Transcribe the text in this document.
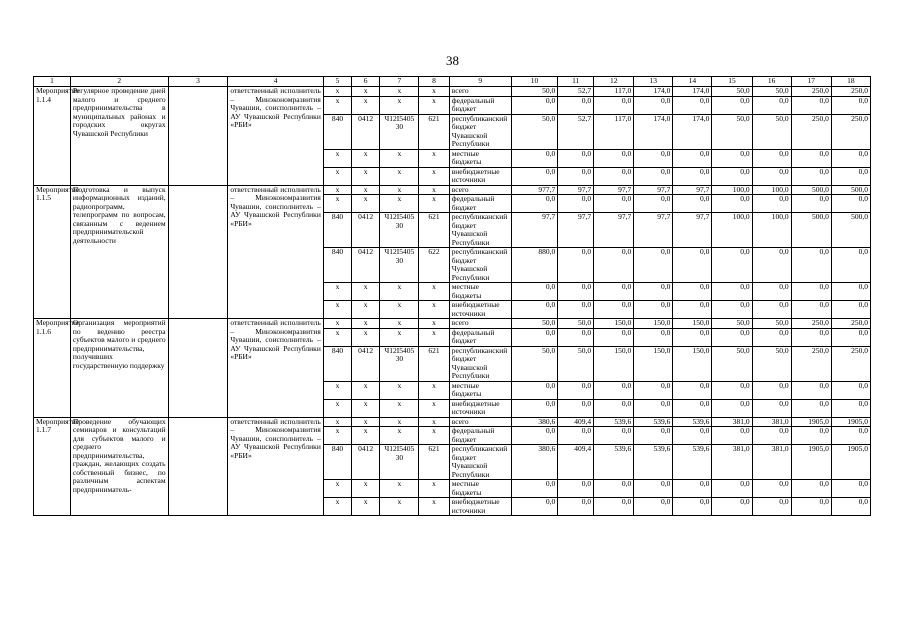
38
1	2	3	4	5	6	7	8	9	10	11	12	13	14	15	16	17	18
Мероприятие 1.1.4	Регулярное проведение дней малого и среднего предпринимательства в муниципальных районах и городских округах Чувашской Республики		ответственный исполнитель – Минэкономразвития Чувашии, соисполнитель – АУ Чувашской Республики «РБИ»	x	x	x	x	всего	50,0	52,7	117,0	174,0	174,0	50,0	50,0	250,0	250,0
				x	x	x	x	федеральный бюджет	0,0	0,0	0,0	0,0	0,0	0,0	0,0	0,0	0,0
				840	0412	Ч12I5405 30	621	республиканский бюджет Чувашской Республики	50,0	52,7	117,0	174,0	174,0	50,0	50,0	250,0	250,0
				x	x	x	x	местные бюджеты	0,0	0,0	0,0	0,0	0,0	0,0	0,0	0,0	0,0
				x	x	x	x	внебюджетные источники	0,0	0,0	0,0	0,0	0,0	0,0	0,0	0,0	0,0
Мероприятие 1.1.5	Подготовка и выпуск информационных изданий, радиопрограмм, телепрограмм по вопросам, связанным с ведением предпринимательской деятельности		ответственный исполнитель – Минэкономразвития Чувашии, соисполнитель – АУ Чувашской Республики «РБИ»	x	x	x	x	всего	977,7	97,7	97,7	97,7	97,7	100,0	100,0	500,0	500,0
				x	x	x	x	федеральный бюджет	0,0	0,0	0,0	0,0	0,0	0,0	0,0	0,0	0,0
				840	0412	Ч12I5405 30	621	республиканский бюджет Чувашской Республики	97,7	97,7	97,7	97,7	97,7	100,0	100,0	500,0	500,0
				840	0412	Ч12I5405 30	622	республиканский бюджет Чувашской Республики	880,0	0,0	0,0	0,0	0,0	0,0	0,0	0,0	0,0
				x	x	x	x	местные бюджеты	0,0	0,0	0,0	0,0	0,0	0,0	0,0	0,0	0,0
				x	x	x	x	внебюджетные источники	0,0	0,0	0,0	0,0	0,0	0,0	0,0	0,0	0,0
Мероприятие 1.1.6	Организация мероприятий по ведению реестра субъектов малого и среднего предпринимательства, получивших государственную поддержку		ответственный исполнитель – Минэкономразвития Чувашии, соисполнитель – АУ Чувашской Республики «РБИ»	x	x	x	x	всего	50,0	50,0	150,0	150,0	150,0	50,0	50,0	250,0	250,0
				x	x	x	x	федеральный бюджет	0,0	0,0	0,0	0,0	0,0	0,0	0,0	0,0	0,0
				840	0412	Ч12I5405 30	621	республиканский бюджет Чувашской Республики	50,0	50,0	150,0	150,0	150,0	50,0	50,0	250,0	250,0
				x	x	x	x	местные бюджеты	0,0	0,0	0,0	0,0	0,0	0,0	0,0	0,0	0,0
				x	x	x	x	внебюджетные источники	0,0	0,0	0,0	0,0	0,0	0,0	0,0	0,0	0,0
Мероприятие 1.1.7	Проведение обучающих семинаров и консультаций для субъектов малого и среднего предпринимательства, граждан, желающих создать собственный бизнес, по различным аспектам предприниматель-		ответственный исполнитель – Минэкономразвития Чувашии, соисполнитель – АУ Чувашской Республики «РБИ»	x	x	x	x	всего	380,6	409,4	539,6	539,6	539,6	381,0	381,0	1905,0	1905,0
				x	x	x	x	федеральный бюджет	0,0	0,0	0,0	0,0	0,0	0,0	0,0	0,0	0,0
				840	0412	Ч12I5405 30	621	республиканский бюджет Чувашской Республики	380,6	409,4	539,6	539,6	539,6	381,0	381,0	1905,0	1905,0
				x	x	x	x	местные бюджеты	0,0	0,0	0,0	0,0	0,0	0,0	0,0	0,0	0,0
				x	x	x	x	внебюджетные источники	0,0	0,0	0,0	0,0	0,0	0,0	0,0	0,0	0,0
